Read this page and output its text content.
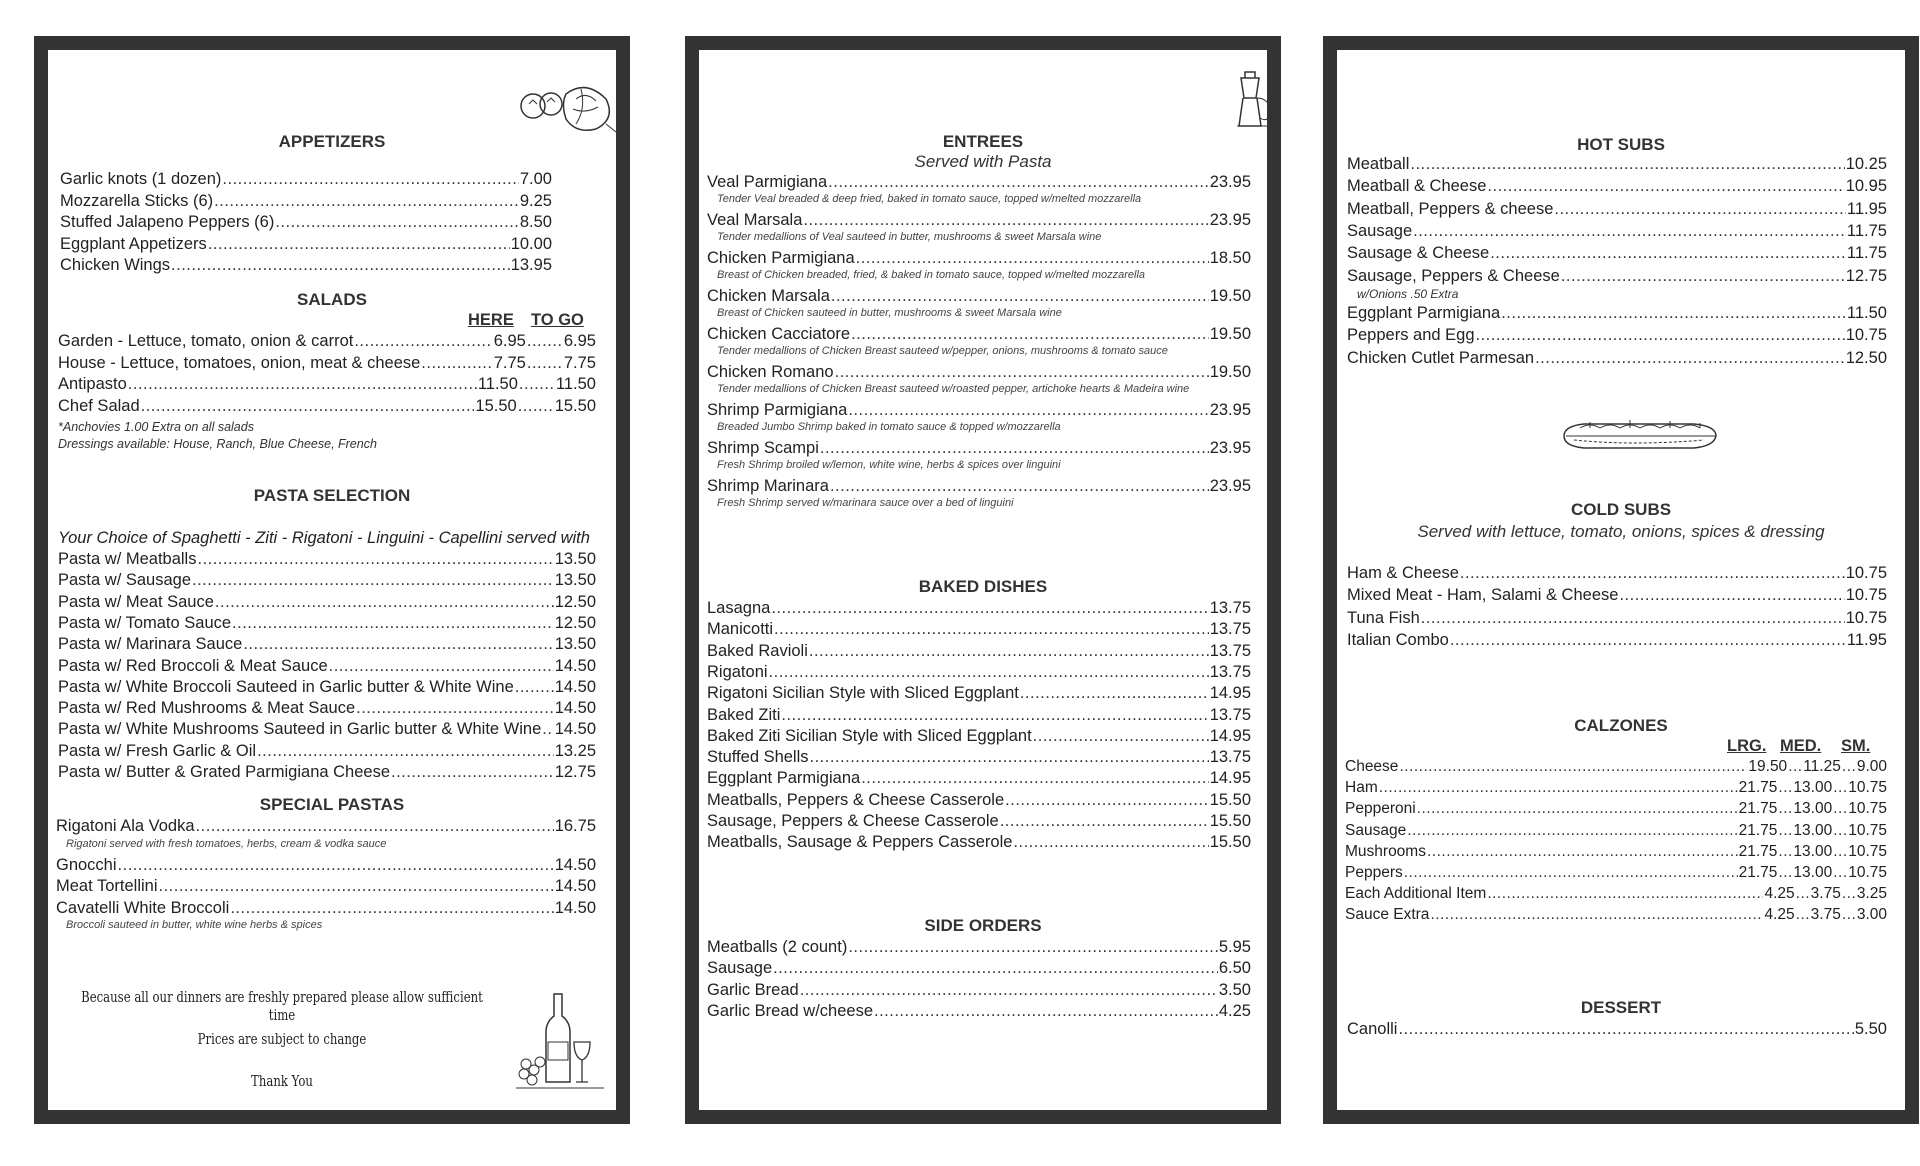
APPETIZERS
Garlic knots (1 dozen) .....	7.00
Mozzarella Sticks (6) .....	9.25
Stuffed Jalapeno Peppers (6) .....	8.50
Eggplant Appetizers .....	10.00
Chicken Wings .....	13.95
SALADS
HERE TO GO
Garden - Lettuce, tomato, onion & carrot .....	6.95 ..... 6.95
House - Lettuce, tomatoes, onion, meat & cheese .....	7.75 ..... 7.75
Antipasto .....	11.50 ..... 11.50
Chef Salad .....	15.50 ..... 15.50
*Anchovies 1.00 Extra on all salads
Dressings available: House, Ranch, Blue Cheese, French
PASTA SELECTION
Your Choice of Spaghetti - Ziti - Rigatoni - Linguini - Capellini served with
Pasta w/ Meatballs .....	13.50
Pasta w/ Sausage .....	13.50
Pasta w/ Meat Sauce .....	12.50
Pasta w/ Tomato Sauce .....	12.50
Pasta w/ Marinara Sauce .....	13.50
Pasta w/ Red Broccoli & Meat Sauce .....	14.50
Pasta w/ White Broccoli Sauteed in Garlic butter & White Wine ..... 14.50
Pasta w/ Red Mushrooms & Meat Sauce .....	14.50
Pasta w/ White Mushrooms Sauteed in Garlic butter & White Wine ..... 14.50
Pasta w/ Fresh Garlic & Oil .....	13.25
Pasta w/ Butter & Grated Parmigiana Cheese .....	12.75
SPECIAL PASTAS
Rigatoni Ala Vodka .....	16.75
Rigatoni served with fresh tomatoes, herbs, cream & vodka sauce
Gnocchi .....	14.50
Meat Tortellini .....	14.50
Cavatelli White Broccoli .....	14.50
Broccoli sauteed in butter, white wine herbs & spices
Because all our dinners are freshly prepared please allow sufficient time
Prices are subject to change
Thank You
ENTREES
Served with Pasta
Veal Parmigiana .....	23.95
Tender Veal breaded & deep fried, baked in tomato sauce, topped w/melted mozzarella
Veal Marsala .....	23.95
Tender medallions of Veal sauteed in butter, mushrooms & sweet Marsala wine
Chicken Parmigiana .....	18.50
Breast of Chicken breaded, fried, & baked in tomato sauce, topped w/melted mozzarella
Chicken Marsala .....	19.50
Breast of Chicken sauteed in butter, mushrooms & sweet Marsala wine
Chicken Cacciatore .....	19.50
Tender medallions of Chicken Breast sauteed w/pepper, onions, mushrooms & tomato sauce
Chicken Romano .....	19.50
Tender medallions of Chicken Breast sauteed w/roasted pepper, artichoke hearts & Madeira wine
Shrimp Parmigiana .....	23.95
Breaded Jumbo Shrimp baked in tomato sauce & topped w/mozzarella
Shrimp Scampi .....	23.95
Fresh Shrimp broiled w/lemon, white wine, herbs & spices over linguini
Shrimp Marinara .....	23.95
Fresh Shrimp served w/marinara sauce over a bed of linguini
BAKED DISHES
Lasagna .....	13.75
Manicotti .....	13.75
Baked Ravioli .....	13.75
Rigatoni .....	13.75
Rigatoni Sicilian Style with Sliced Eggplant .....	14.95
Baked Ziti .....	13.75
Baked Ziti Sicilian Style with Sliced Eggplant .....	14.95
Stuffed Shells .....	13.75
Eggplant Parmigiana .....	14.95
Meatballs, Peppers & Cheese Casserole .....	15.50
Sausage, Peppers & Cheese Casserole .....	15.50
Meatballs, Sausage & Peppers Casserole .....	15.50
SIDE ORDERS
Meatballs (2 count) .....	5.95
Sausage .....	6.50
Garlic Bread .....	3.50
Garlic Bread w/cheese .....	4.25
HOT SUBS
Meatball .....	10.25
Meatball & Cheese .....	10.95
Meatball, Peppers & cheese .....	11.95
Sausage .....	11.75
Sausage & Cheese .....	11.75
Sausage, Peppers & Cheese .....	12.75
w/Onions .50 Extra
Eggplant Parmigiana .....	11.50
Peppers and Egg .....	10.75
Chicken Cutlet Parmesan .....	12.50
COLD SUBS
Served with lettuce, tomato, onions, spices & dressing
Ham & Cheese .....	10.75
Mixed Meat - Ham, Salami & Cheese .....	10.75
Tuna Fish .....	10.75
Italian Combo .....	11.95
CALZONES
LRG. MED. SM.
Cheese .....	19.50 ..... 11.25 ..... 9.00
Ham .....	21.75 ..... 13.00 ..... 10.75
Pepperoni .....	21.75 ..... 13.00 ..... 10.75
Sausage .....	21.75 ..... 13.00 ..... 10.75
Mushrooms .....	21.75 ..... 13.00 ..... 10.75
Peppers .....	21.75 ..... 13.00 ..... 10.75
Each Additional Item .....	4.25 ..... 3.75 ..... 3.25
Sauce Extra .....	4.25 ..... 3.75 ..... 3.00
DESSERT
Canolli .....	5.50
